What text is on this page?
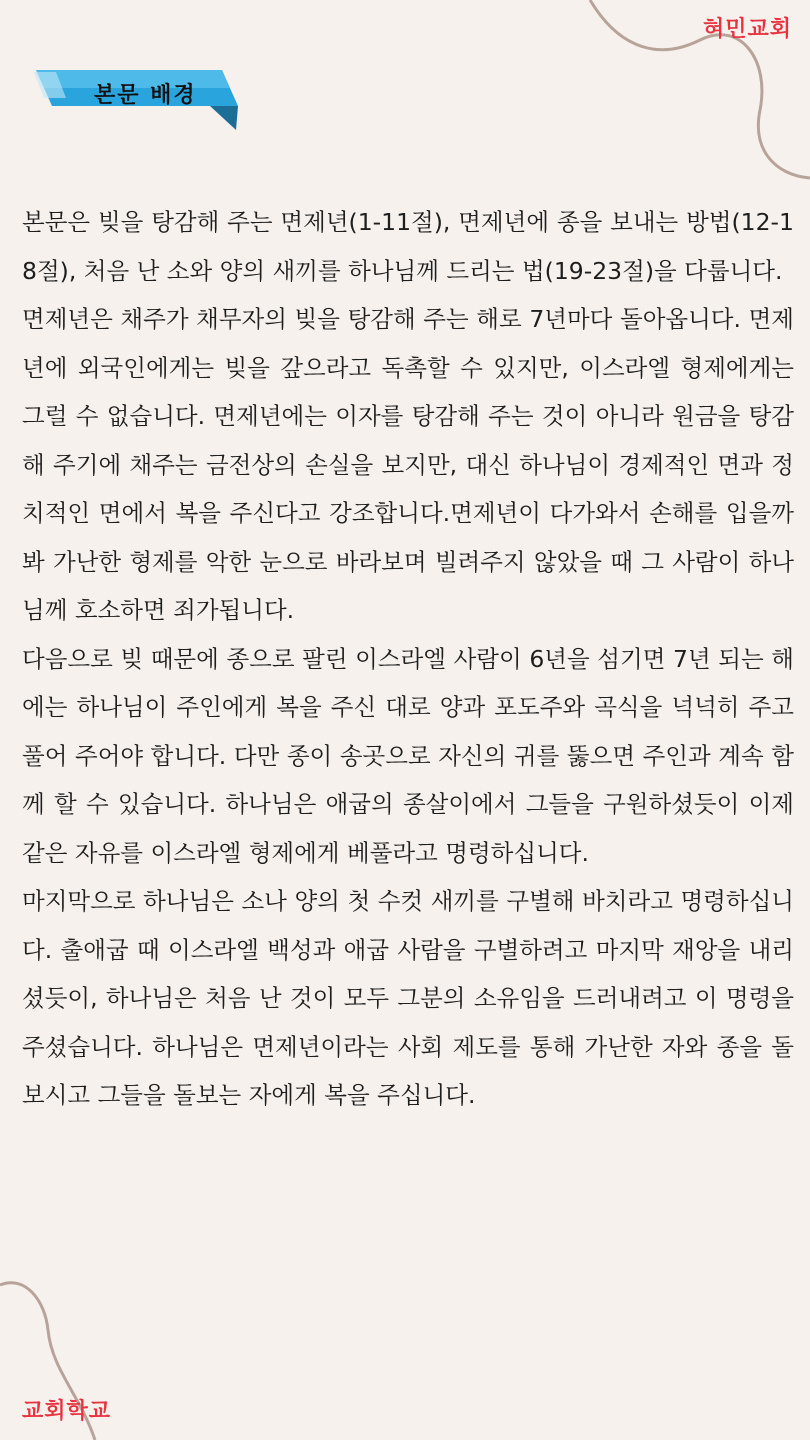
혀민교회
본문 배경

본문은 빚을 탕감해 주는 면제년(1-11절), 면제년에 종을 보내는 방법(12-18절), 처음 난 소와 양의 새끼를 하나님께 드리는 법(19-23절)을 다룹니다.

면제년은 채주가 채무자의 빚을 탕감해 주는 해로 7년마다 돌아옵니다. 면제년에 외국인에게는 빚을 갚으라고 독촉할 수 있지만, 이스라엘 형제에게는 그럴 수 없습니다. 면제년에는 이자를 탕감해 주는 것이 아니라 원금을 탕감해 주기에 채주는 금전상의 손실을 보지만, 대신 하나님이 경제적인 면과 정치적인 면에서 복을 주신다고 강조합니다.면제년이 다가와서 손해를 입을까 봐 가난한 형제를 악한 눈으로 바라보며 빌려주지 않았을 때 그 사람이 하나님께 호소하면 죄가됩니다.

다음으로 빚 때문에 종으로 팔린 이스라엘 사람이 6년을 섬기면 7년 되는 해에는 하나님이 주인에게 복을 주신 대로 양과 포도주와 곡식을 넉넉히 주고 풀어 주어야 합니다. 다만 종이 송곳으로 자신의 귀를 뚫으면 주인과 계속 함께 할 수 있습니다. 하나님은 애굽의 종살이에서 그들을 구원하셨듯이 이제 같은 자유를 이스라엘 형제에게 베풀라고 명령하십니다.

마지막으로 하나님은 소나 양의 첫 수컷 새끼를 구별해 바치라고 명령하십니다. 출애굽 때 이스라엘 백성과 애굽 사람을 구별하려고 마지막 재앙을 내리셨듯이, 하나님은 처음 난 것이 모두 그분의 소유임을 드러내려고 이 명령을 주셨습니다. 하나님은 면제년이라는 사회 제도를 통해 가난한 자와 종을 돌보시고 그들을 돌보는 자에게 복을 주십니다.

교회학교
